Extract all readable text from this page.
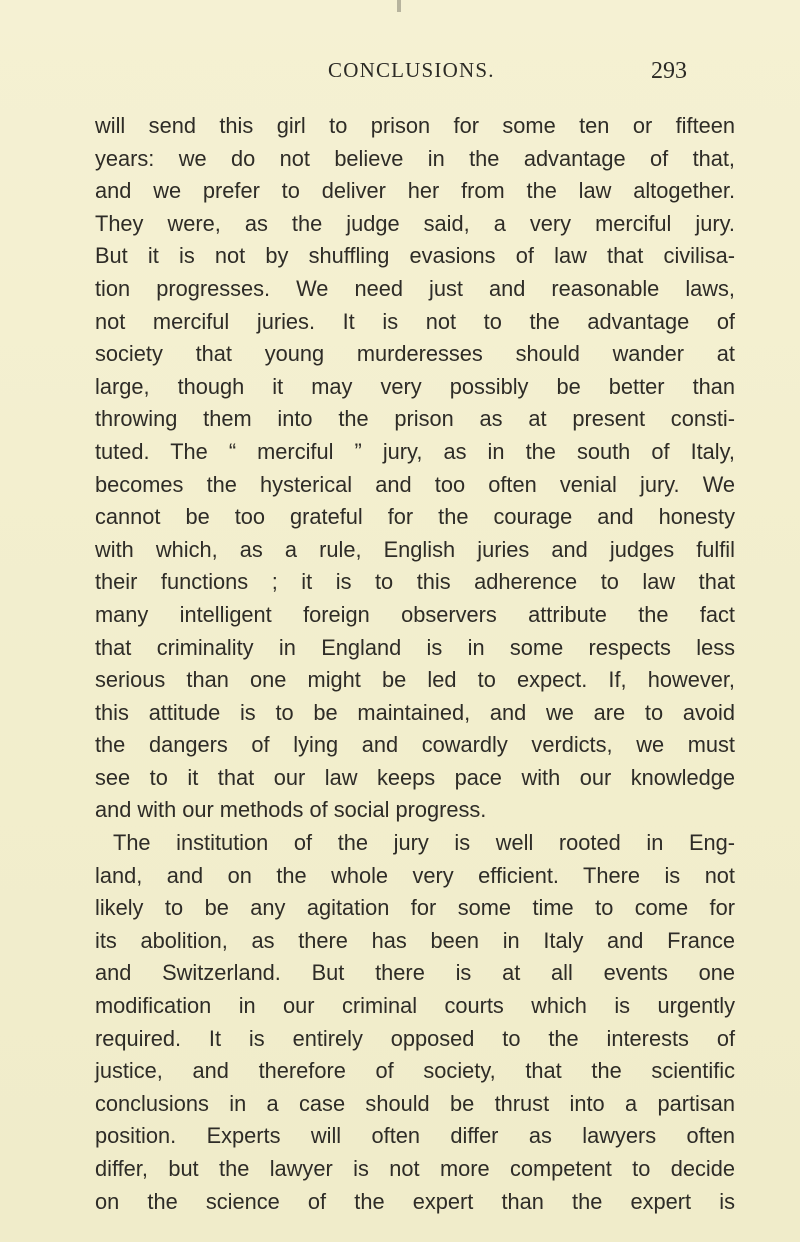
CONCLUSIONS.	293
will send this girl to prison for some ten or fifteen
years: we do not believe in the advantage of that,
and we prefer to deliver her from the law altogether.
They were, as the judge said, a very merciful jury.
But it is not by shuffling evasions of law that civilisa-
tion progresses. We need just and reasonable laws,
not merciful juries. It is not to the advantage of
society that young murderesses should wander at
large, though it may very possibly be better than
throwing them into the prison as at present consti-
tuted. The “ merciful ” jury, as in the south of Italy,
becomes the hysterical and too often venial jury. We
cannot be too grateful for the courage and honesty
with which, as a rule, English juries and judges fulfil
their functions ; it is to this adherence to law that
many intelligent foreign observers attribute the fact
that criminality in England is in some respects less
serious than one might be led to expect. If, however,
this attitude is to be maintained, and we are to avoid
the dangers of lying and cowardly verdicts, we must
see to it that our law keeps pace with our knowledge
and with our methods of social progress.
The institution of the jury is well rooted in Eng-
land, and on the whole very efficient. There is not
likely to be any agitation for some time to come for
its abolition, as there has been in Italy and France
and Switzerland. But there is at all events one
modification in our criminal courts which is urgently
required. It is entirely opposed to the interests of
justice, and therefore of society, that the scientific
conclusions in a case should be thrust into a partisan
position. Experts will often differ as lawyers often
differ, but the lawyer is not more competent to decide
on the science of the expert than the expert is
